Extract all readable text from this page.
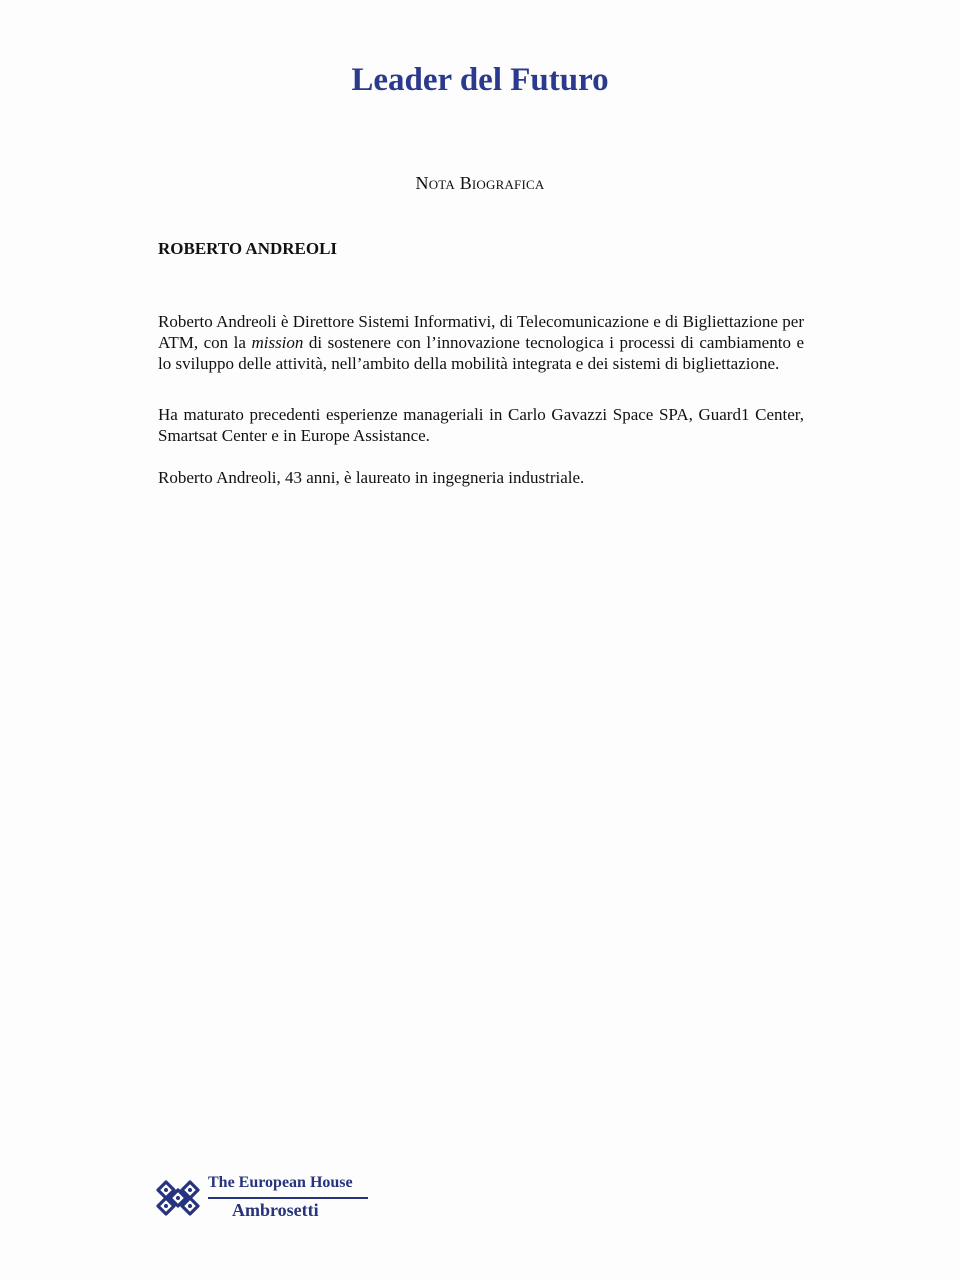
Leader del Futuro

Nota Biografica

ROBERTO ANDREOLI

Roberto Andreoli è Direttore Sistemi Informativi, di Telecomunicazione e di Bigliettazione per ATM, con la mission di sostenere con l’innovazione tecnologica i processi di cambiamento e lo sviluppo delle attività, nell’ambito della mobilità integrata e dei sistemi di bigliettazione.

Ha maturato precedenti esperienze manageriali in Carlo Gavazzi Space SPA, Guard1 Center, Smartsat Center e in Europe Assistance.

Roberto Andreoli, 43 anni, è laureato in ingegneria industriale.

The European House
Ambrosetti
